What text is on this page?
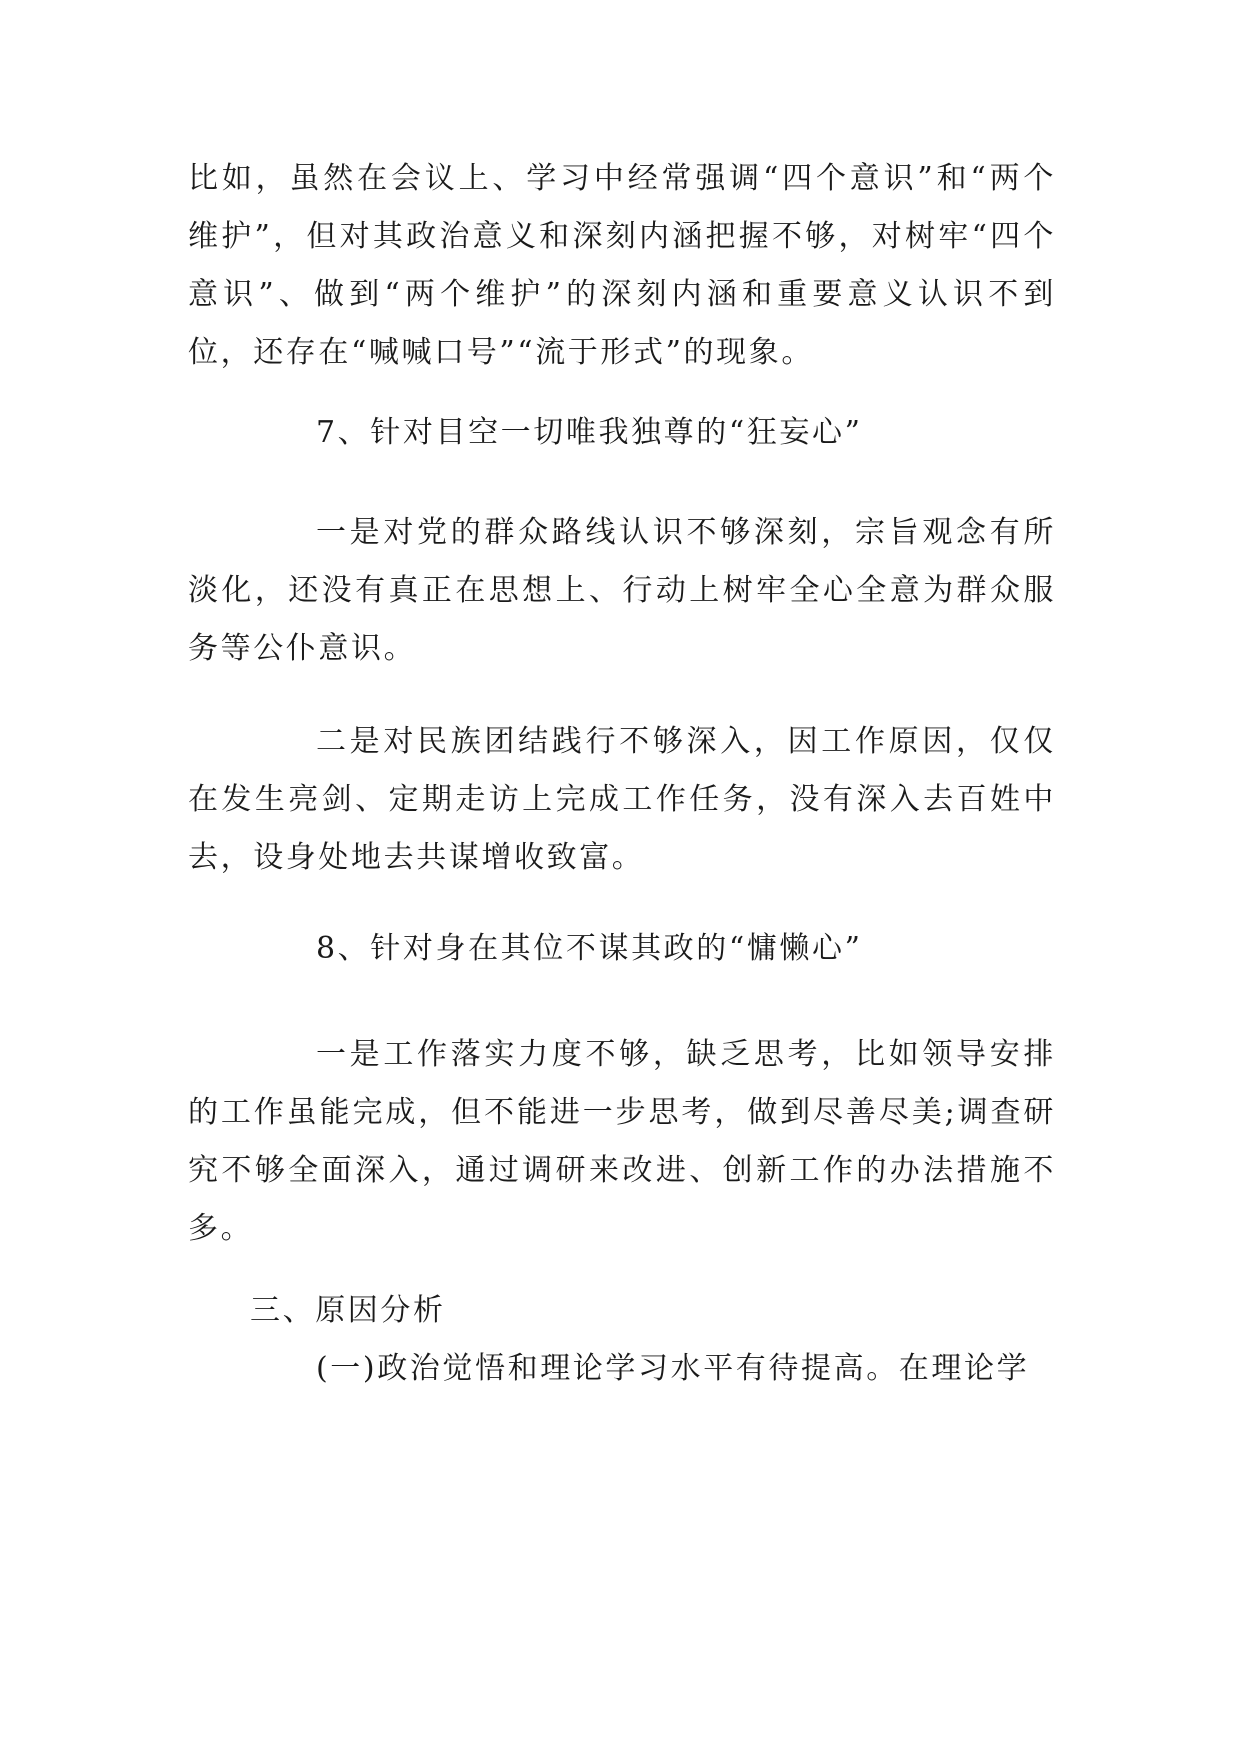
比如，虽然在会议上、学习中经常强调“四个意识”和“两个维护”，但对其政治意义和深刻内涵把握不够，对树牢“四个意识”、做到“两个维护”的深刻内涵和重要意义认识不到位，还存在“喊喊口号”“流于形式”的现象。

7、针对目空一切唯我独尊的“狂妄心”

一是对党的群众路线认识不够深刻，宗旨观念有所淡化，还没有真正在思想上、行动上树牢全心全意为群众服务等公仆意识。

二是对民族团结践行不够深入，因工作原因，仅仅在发生亮剑、定期走访上完成工作任务，没有深入去百姓中去，设身处地去共谋增收致富。

8、针对身在其位不谋其政的“慵懒心”

一是工作落实力度不够，缺乏思考，比如领导安排的工作虽能完成，但不能进一步思考，做到尽善尽美;调查研究不够全面深入，通过调研来改进、创新工作的办法措施不多。

三、原因分析

(一)政治觉悟和理论学习水平有待提高。在理论学
